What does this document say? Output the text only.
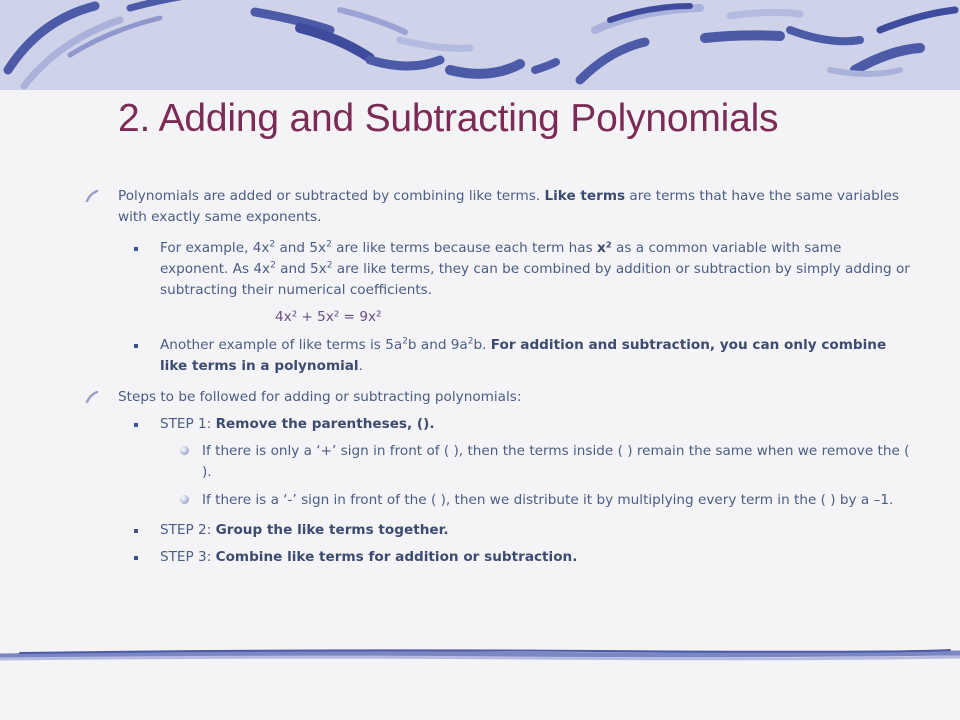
2. Adding and Subtracting Polynomials
Polynomials are added or subtracted by combining like terms. Like terms are terms that have the same variables with exactly same exponents.
For example, $4x^2$ and $5x^2$ are like terms because each term has x² as a common variable with same exponent. As $4x^2$ and $5x^2$ are like terms, they can be combined by addition or subtraction by simply adding or subtracting their numerical coefficients.
4x² + 5x² = 9x²
Another example of like terms is $5a^2b$ and $9a^2b$. For addition and subtraction, you can only combine like terms in a polynomial.
Steps to be followed for adding or subtracting polynomials:
STEP 1: Remove the parentheses, ().
If there is only a ‘+’ sign in front of ( ), then the terms inside ( ) remain the same when we remove the ( ).
If there is a ‘-’ sign in front of the ( ), then we distribute it by multiplying every term in the ( ) by a –1.
STEP 2: Group the like terms together.
STEP 3: Combine like terms for addition or subtraction.
